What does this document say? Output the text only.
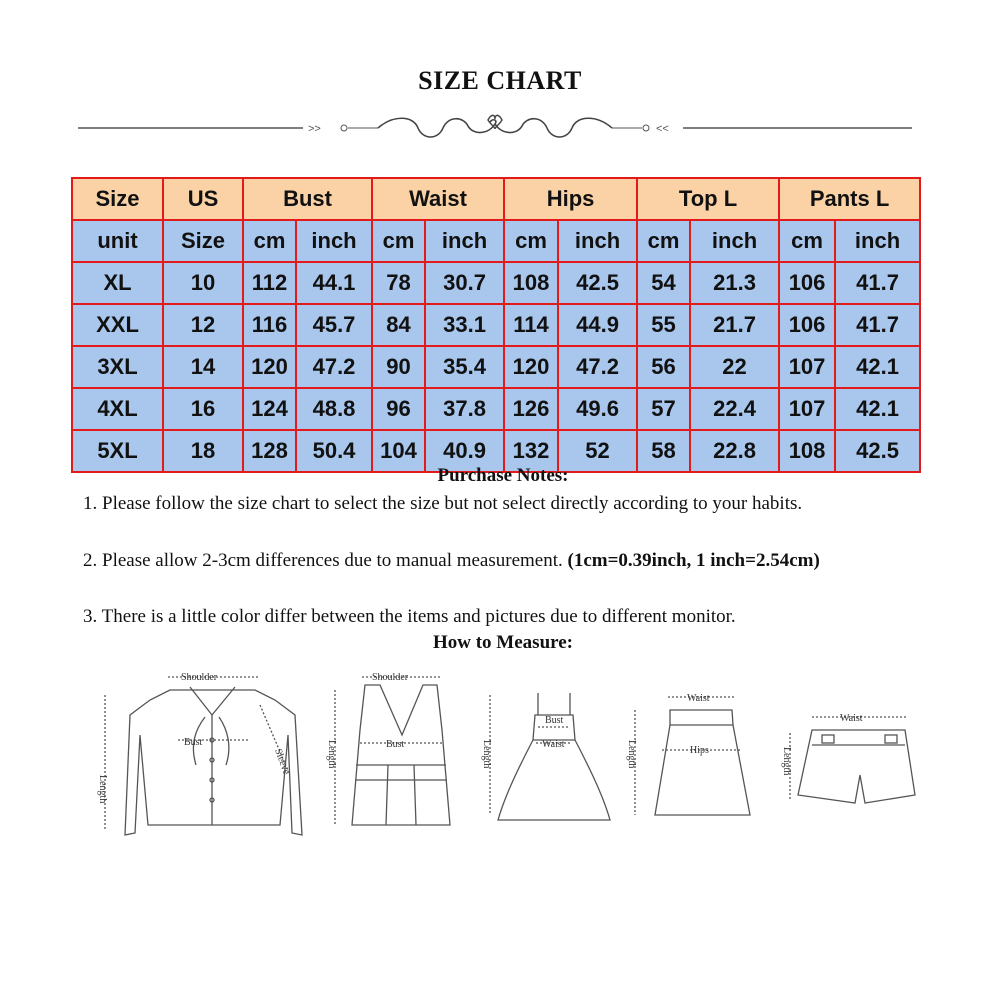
SIZE CHART
>>	<<
Size	US	Bust		Waist		Hips		Top L		Pants L	
unit	Size	cm	inch	cm	inch	cm	inch	cm	inch	cm	inch
XL	10	112	44.1	78	30.7	108	42.5	54	21.3	106	41.7
XXL	12	116	45.7	84	33.1	114	44.9	55	21.7	106	41.7
3XL	14	120	47.2	90	35.4	120	47.2	56	22	107	42.1
4XL	16	124	48.8	96	37.8	126	49.6	57	22.4	107	42.1
5XL	18	128	50.4	104	40.9	132	52	58	22.8	108	42.5
Purchase Notes:
1. Please follow the size chart to select the size but not select directly according to your habits.
2. Please allow 2-3cm differences due to manual measurement. (1cm=0.39inch, 1 inch=2.54cm)
3. There is a little color differ between the items and pictures due to different monitor.
How to Measure:
Shoulder
Bust
Sleeve
Length
Shoulder
Bust
Length
Bust
Waist
Length
Waist
Hips
Length
Waist
Length
